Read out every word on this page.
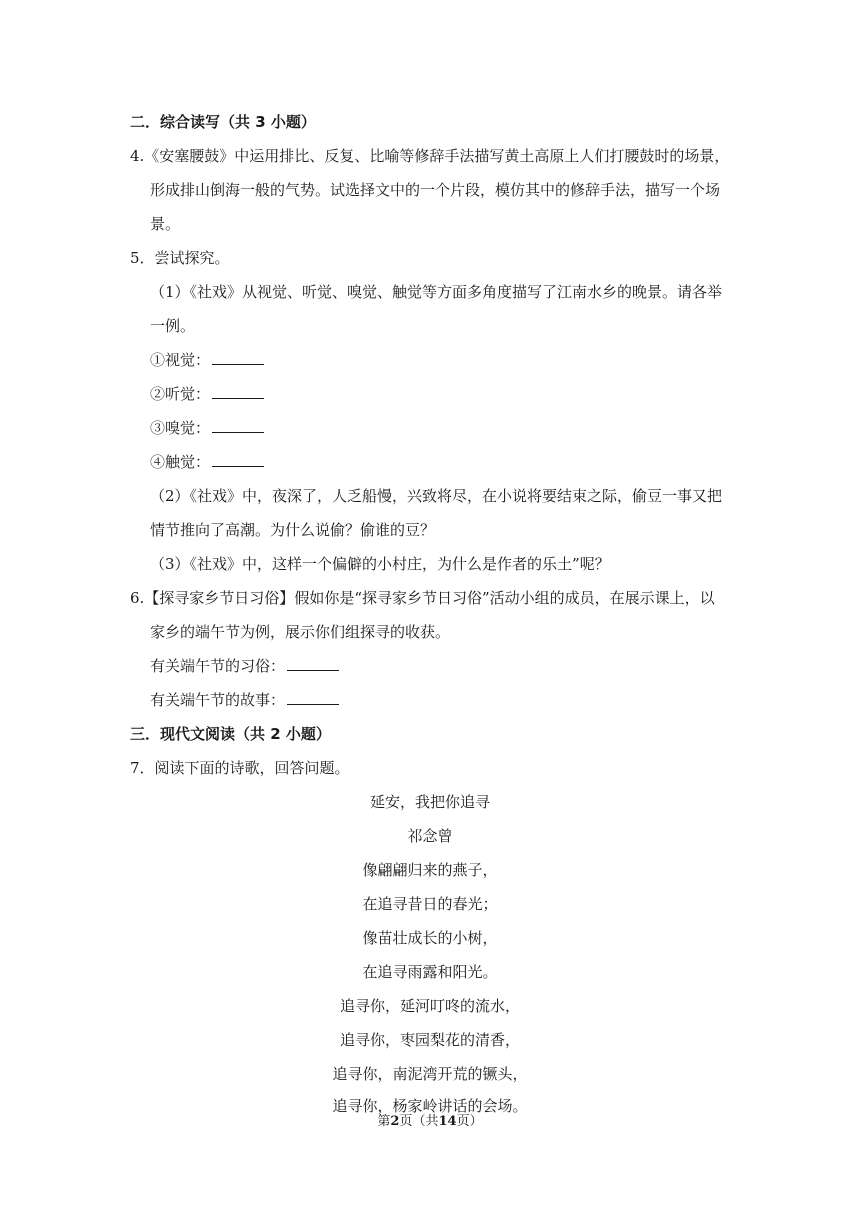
二．综合读写（共 3 小题）
4.《安塞腰鼓》中运用排比、反复、比喻等修辞手法描写黄土高原上人们打腰鼓时的场景，
形成排山倒海一般的气势。试选择文中的一个片段，模仿其中的修辞手法，描写一个场
景。
5．尝试探究。
（1）《社戏》从视觉、听觉、嗅觉、触觉等方面多角度描写了江南水乡的晚景。请各举
一例。
①视觉：
②听觉：
③嗅觉：
④触觉：
（2）《社戏》中，夜深了，人乏船慢，兴致将尽，在小说将要结束之际，偷豆一事又把
情节推向了高潮。为什么说偷？偷谁的豆？
（3）《社戏》中，这样一个偏僻的小村庄，为什么是作者的乐土”呢？
6.【探寻家乡节日习俗】假如你是“探寻家乡节日习俗”活动小组的成员，在展示课上，以
家乡的端午节为例，展示你们组探寻的收获。
有关端午节的习俗：
有关端午节的故事：
三．现代文阅读（共 2 小题）
7．阅读下面的诗歌，回答问题。
延安，我把你追寻
祁念曾
像翩翩归来的燕子，
在追寻昔日的春光；
像苗壮成长的小树，
在追寻雨露和阳光。
追寻你，延河叮咚的流水，
追寻你，枣园梨花的清香，
追寻你，南泥湾开荒的镢头，
追寻你，杨家岭讲话的会场。
第2页（共14页）
